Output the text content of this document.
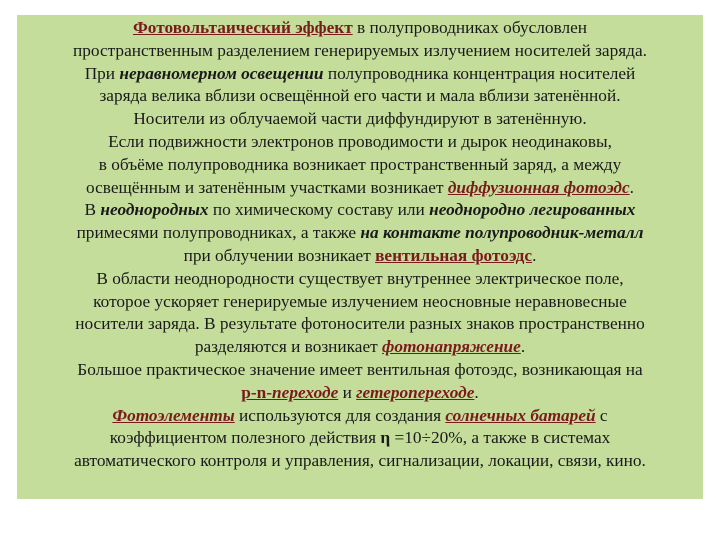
Фотовольтаический эффект в полупроводниках обусловлен
пространственным разделением генерируемых излучением носителей заряда.
При неравномерном освещении полупроводника концентрация носителей
заряда велика вблизи освещённой его части и мала вблизи затенённой.
Носители из облучаемой части диффундируют в затенённую.
Если подвижности электронов проводимости и дырок неодинаковы,
в объёме полупроводника возникает пространственный заряд, а между
освещённым и затенённым участками возникает диффузионная фотоэдс.
В неоднородных по химическому составу или неоднородно легированных
примесями полупроводниках, а также на контакте полупроводник-металл
при облучении возникает вентильная фотоэдс.
В области неоднородности существует внутреннее электрическое поле,
которое ускоряет генерируемые излучением неосновные неравновесные
носители заряда. В результате фотоносители разных знаков пространственно
разделяются и возникает фотонапряжение.
Большое практическое значение имеет вентильная фотоэдс, возникающая на
p-n-переходе и гетеропереходе.
Фотоэлементы используются для создания солнечных батарей с
коэффициентом полезного действия η =10÷20%, а также в системах
автоматического контроля и управления, сигнализации, локации, связи, кино.
